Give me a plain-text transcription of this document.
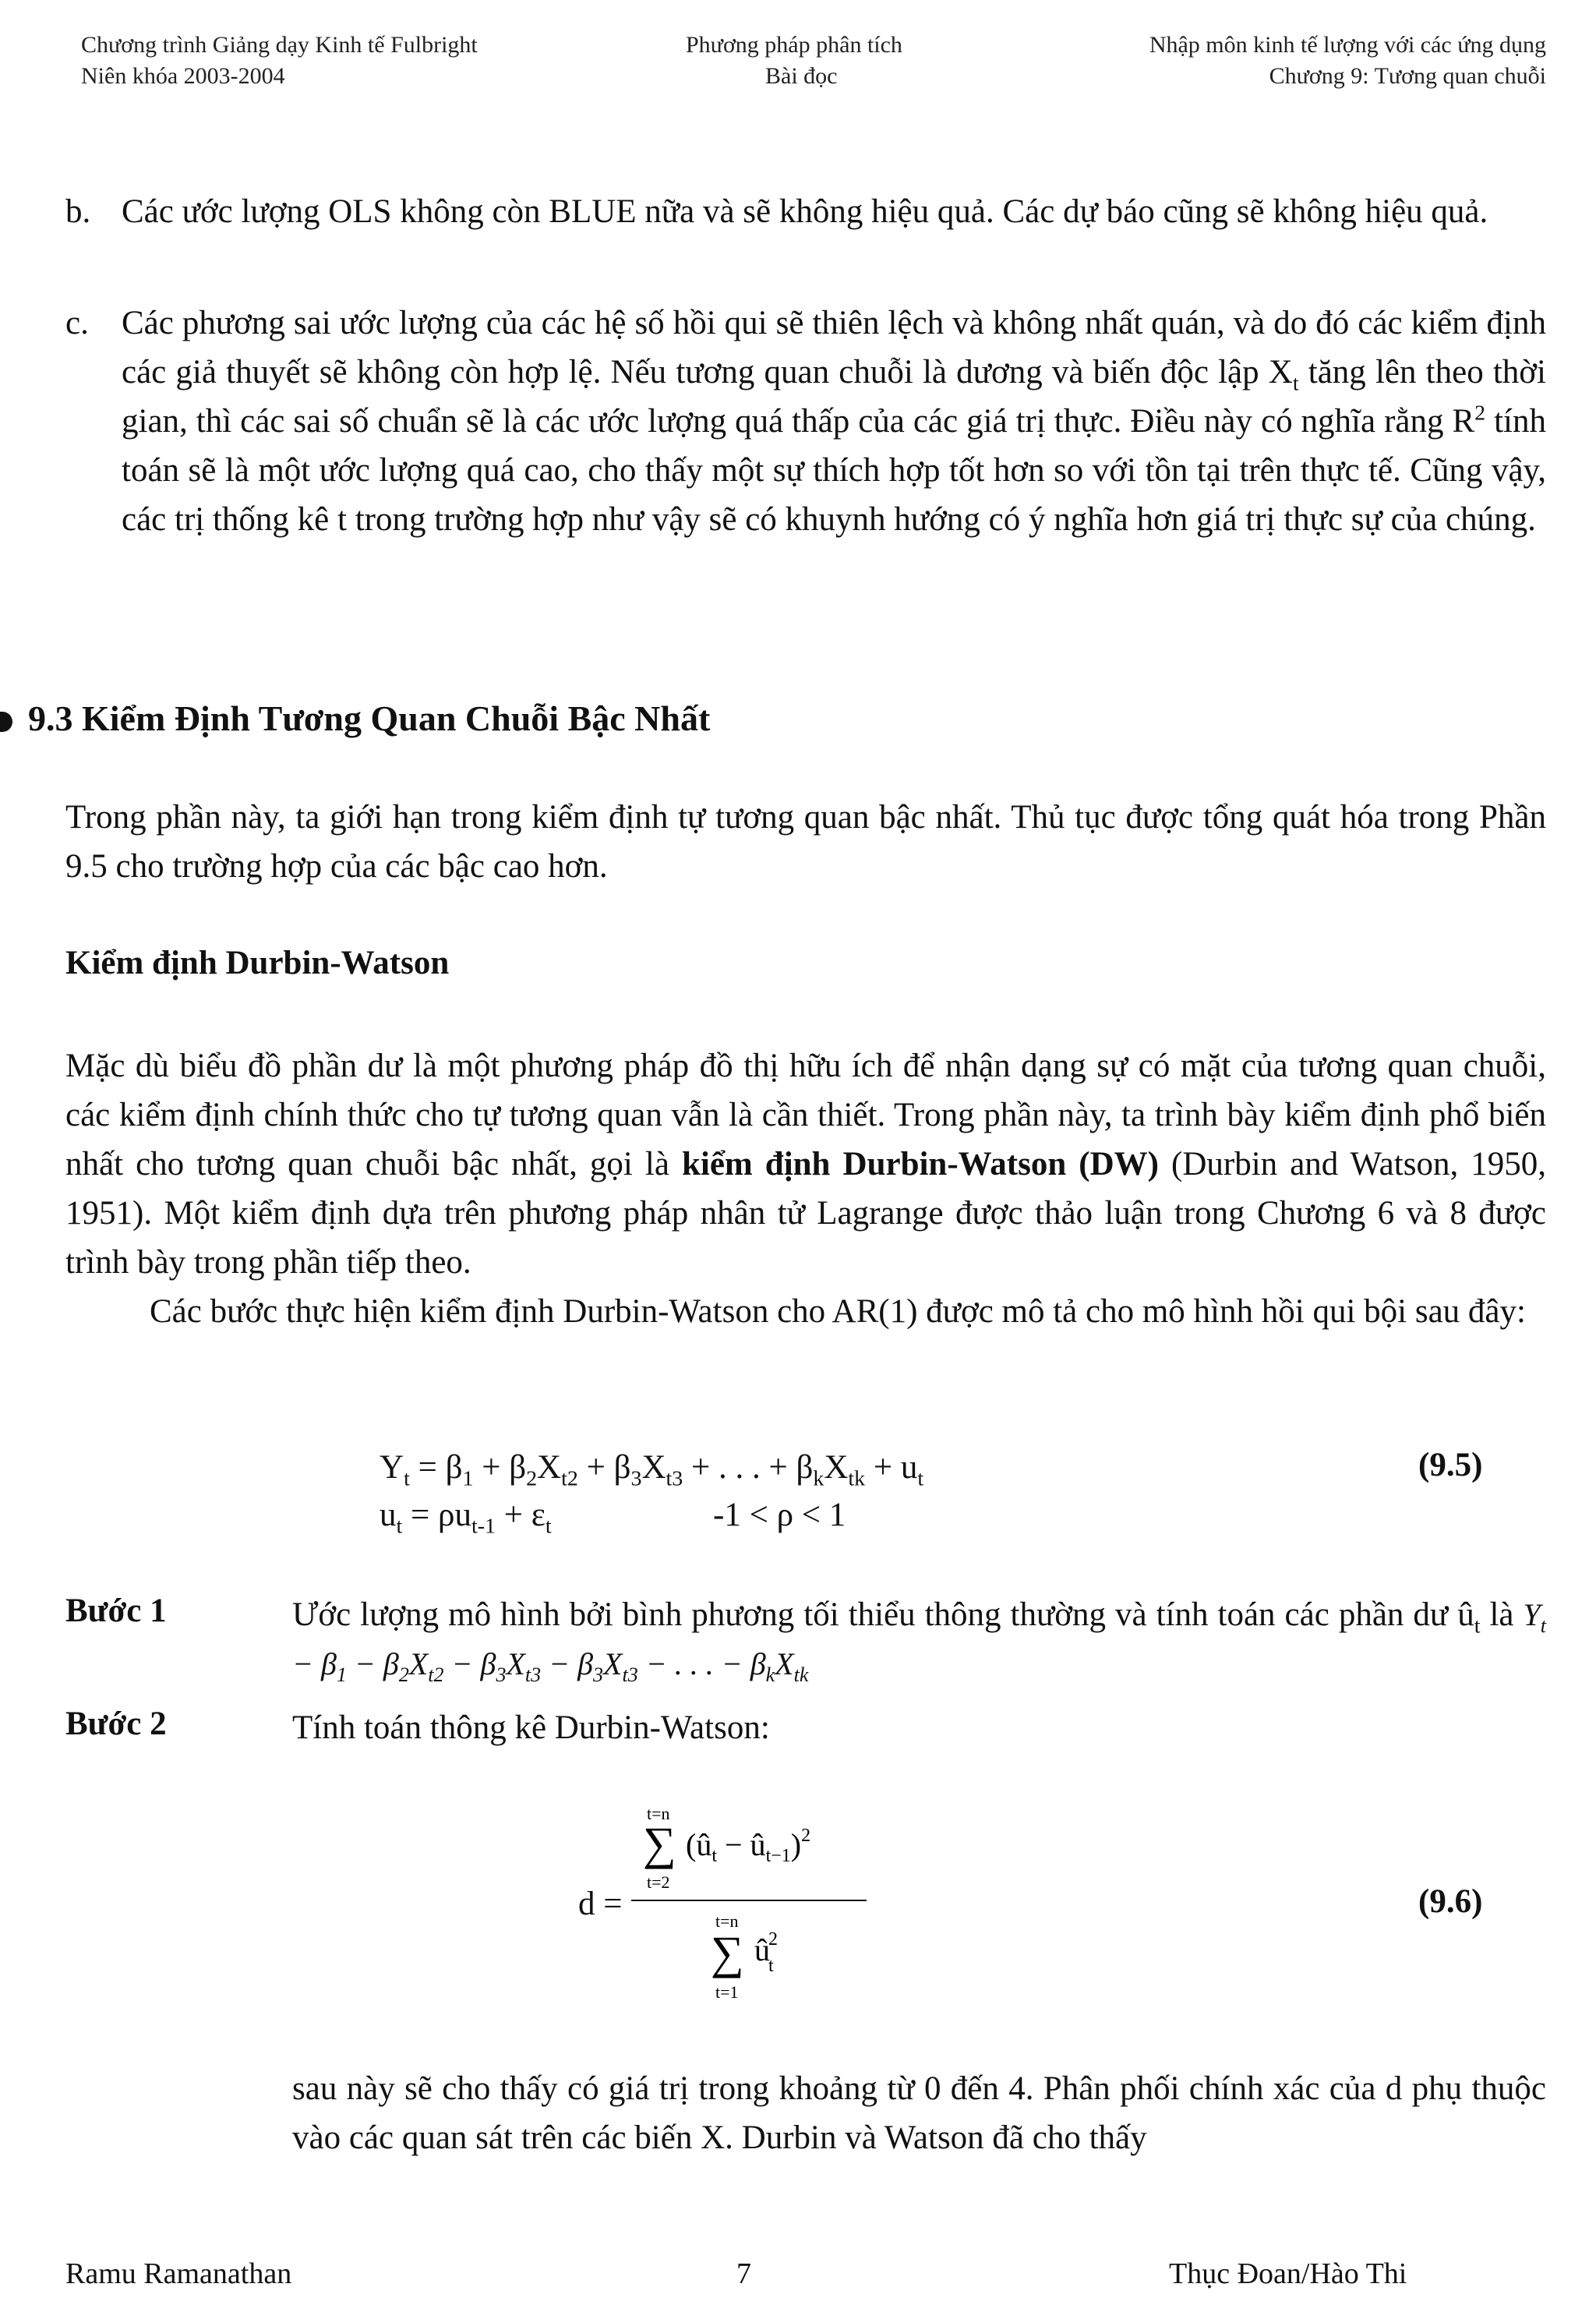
Chương trình Giảng dạy Kinh tế Fulbright
Niên khóa 2003-2004
Phương pháp phân tích
Bài đọc
Nhập môn kinh tế lượng với các ứng dụng
Chương 9: Tương quan chuỗi
b. Các ước lượng OLS không còn BLUE nữa và sẽ không hiệu quả. Các dự báo cũng sẽ không hiệu quả.
c. Các phương sai ước lượng của các hệ số hồi qui sẽ thiên lệch và không nhất quán, và do đó các kiểm định các giả thuyết sẽ không còn hợp lệ. Nếu tương quan chuỗi là dương và biến độc lập $X_t$ tăng lên theo thời gian, thì các sai số chuẩn sẽ là các ước lượng quá thấp của các giá trị thực. Điều này có nghĩa rằng $R^2$ tính toán sẽ là một ước lượng quá cao, cho thấy một sự thích hợp tốt hơn so với tồn tại trên thực tế. Cũng vậy, các trị thống kê t trong trường hợp như vậy sẽ có khuynh hướng có ý nghĩa hơn giá trị thực sự của chúng.
9.3 Kiểm Định Tương Quan Chuỗi Bậc Nhất
Trong phần này, ta giới hạn trong kiểm định tự tương quan bậc nhất. Thủ tục được tổng quát hóa trong Phần 9.5 cho trường hợp của các bậc cao hơn.
Kiểm định Durbin-Watson
Mặc dù biểu đồ phần dư là một phương pháp đồ thị hữu ích để nhận dạng sự có mặt của tương quan chuỗi, các kiểm định chính thức cho tự tương quan vẫn là cần thiết. Trong phần này, ta trình bày kiểm định phổ biến nhất cho tương quan chuỗi bậc nhất, gọi là kiểm định Durbin-Watson (DW) (Durbin and Watson, 1950, 1951). Một kiểm định dựa trên phương pháp nhân tử Lagrange được thảo luận trong Chương 6 và 8 được trình bày trong phần tiếp theo.
Các bước thực hiện kiểm định Durbin-Watson cho AR(1) được mô tả cho mô hình hồi qui bội sau đây:
$Y_t = \beta_1 + \beta_2X_{t2} + \beta_3X_{t3}$ + . . . + $\beta_kX_{tk} + u_t$
$u_t = \rho u_{t-1} + \varepsilon_t$	-1 < ρ < 1
(9.5)
Bước 1	Ước lượng mô hình bởi bình phương tối thiểu thông thường và tính toán các phần dư $û_t$ là $Y_t - \beta_1 - \beta_2X_{t2} - \beta_3X_{t3} - \beta_3X_{t3}$ − . . . − $\beta_kX_{tk}$
Bước 2	Tính toán thông kê Durbin-Watson:
d =
t=n
∑
t=2
($û_t$ − $û_{t-1})^2$
t=n
∑
t=1
û2 t
(9.6)
sau này sẽ cho thấy có giá trị trong khoảng từ 0 đến 4. Phân phối chính xác của d phụ thuộc vào các quan sát trên các biến X. Durbin và Watson đã cho thấy
Ramu Ramanathan	7	Thục Đoan/Hào Thi
